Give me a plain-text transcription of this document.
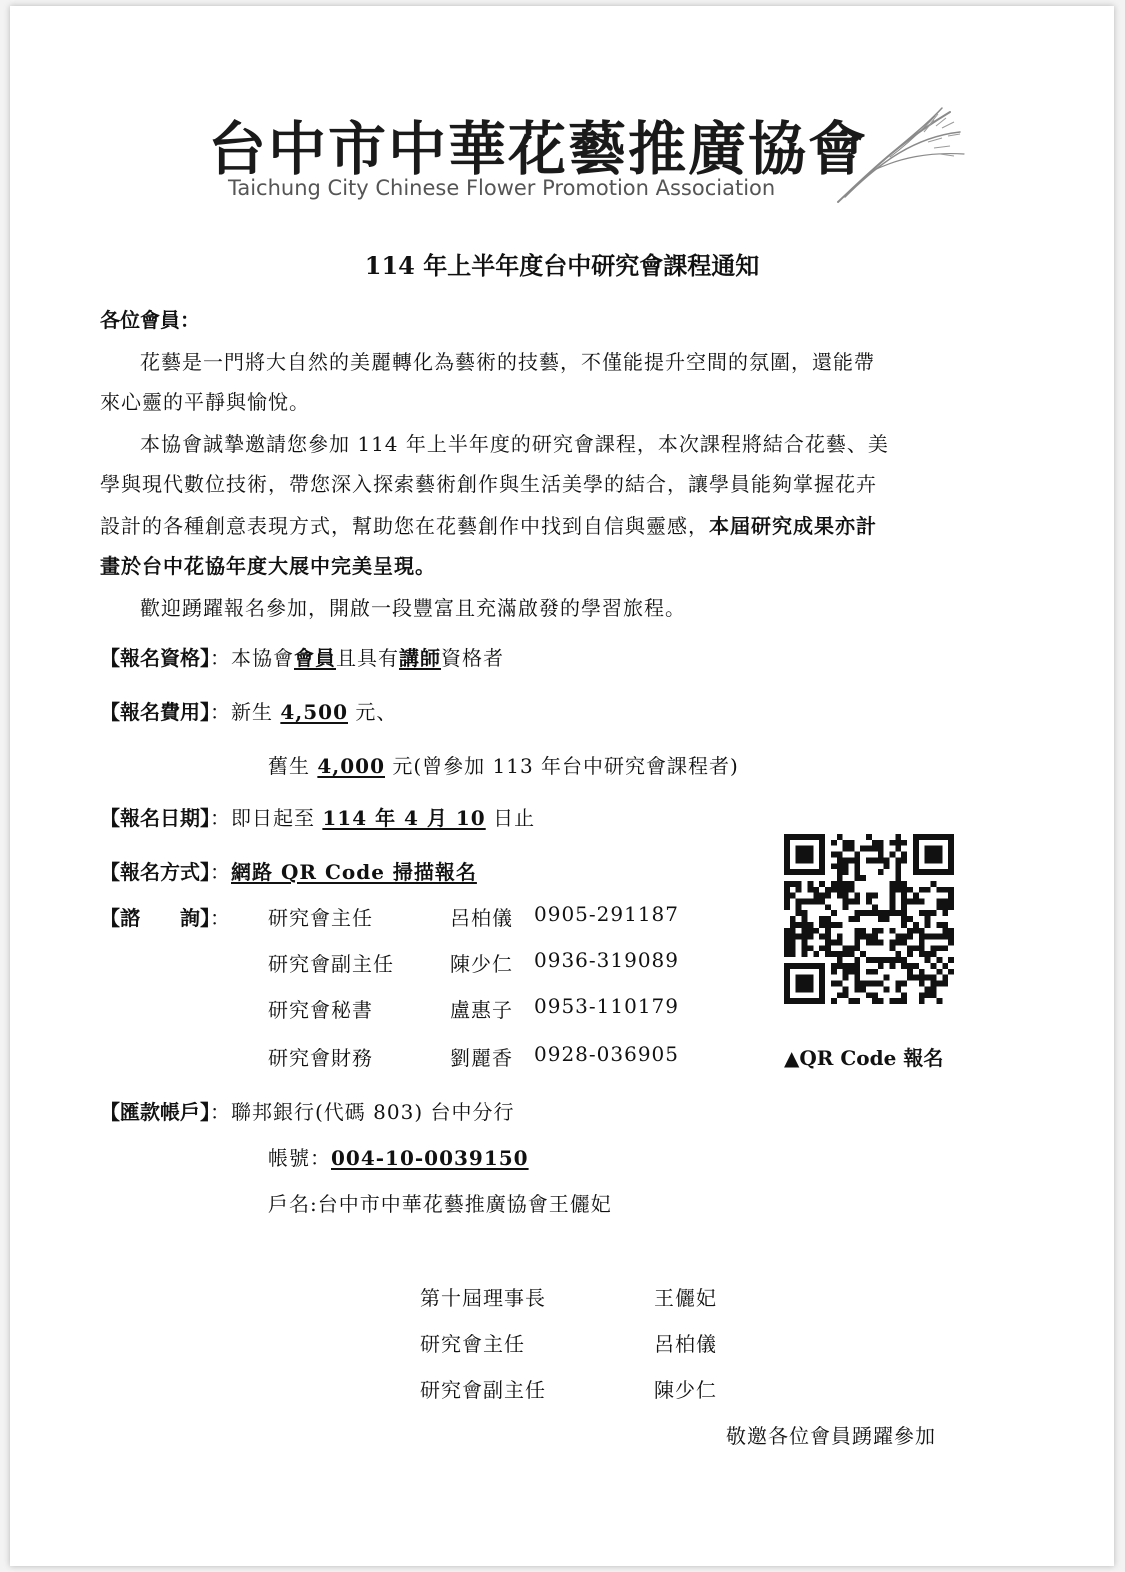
台中市中華花藝推廣協會
Taichung City Chinese Flower Promotion Association
114 年上半年度台中研究會課程通知
各位會員：
花藝是一門將大自然的美麗轉化為藝術的技藝，不僅能提升空間的氛圍，還能帶
來心靈的平靜與愉悅。
本協會誠摯邀請您參加 114 年上半年度的研究會課程，本次課程將結合花藝、美
學與現代數位技術，帶您深入探索藝術創作與生活美學的結合，讓學員能夠掌握花卉
設計的各種創意表現方式，幫助您在花藝創作中找到自信與靈感，本屆研究成果亦計
畫於台中花協年度大展中完美呈現。
歡迎踴躍報名參加，開啟一段豐富且充滿啟發的學習旅程。
【報名資格】：本協會會員且具有講師資格者
【報名費用】：新生 4,500 元、
舊生 4,000 元(曾參加 113 年台中研究會課程者)
【報名日期】：即日起至 114 年 4 月 10 日止
【報名方式】：網路 QR Code 掃描報名
【諮　　詢】： 研究會主任	呂柏儀 0905-291187
研究會副主任	陳少仁 0936-319089
研究會秘書	盧惠子 0953-110179
研究會財務	劉麗香 0928-036905	▲QR Code 報名
【匯款帳戶】：聯邦銀行(代碼 803) 台中分行
帳號：004-10-0039150
戶名:台中市中華花藝推廣協會王儷妃
第十屆理事長	王儷妃
研究會主任	呂柏儀
研究會副主任	陳少仁
敬邀各位會員踴躍參加
